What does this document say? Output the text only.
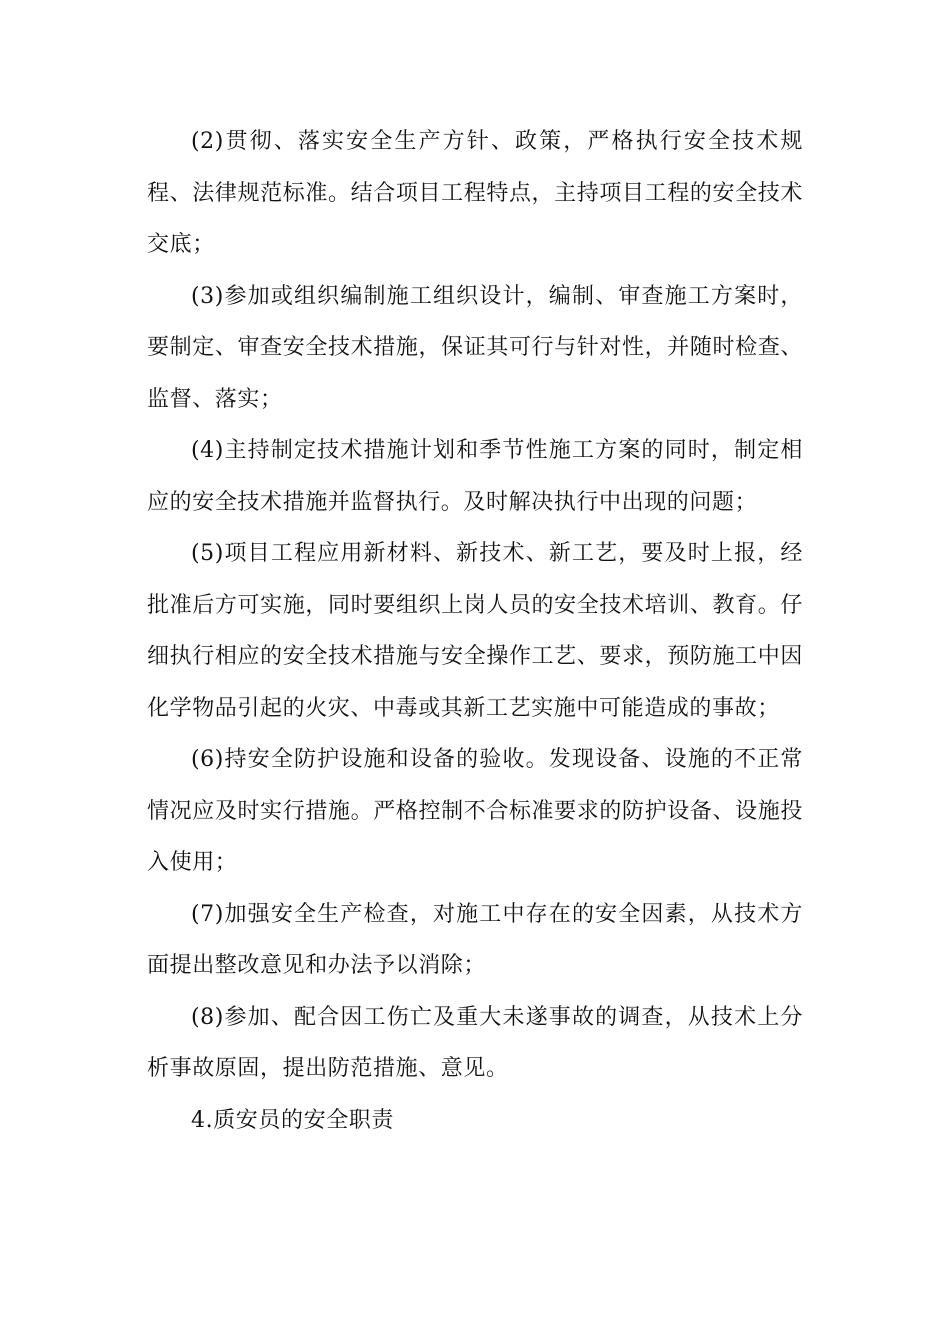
(2)贯彻、落实安全生产方针、政策，严格执行安全技术规程、法律规范标准。结合项目工程特点，主持项目工程的安全技术交底；

(3)参加或组织编制施工组织设计，编制、审查施工方案时，要制定、审查安全技术措施，保证其可行与针对性，并随时检查、监督、落实；

(4)主持制定技术措施计划和季节性施工方案的同时，制定相应的安全技术措施并监督执行。及时解决执行中出现的问题；

(5)项目工程应用新材料、新技术、新工艺，要及时上报，经批准后方可实施，同时要组织上岗人员的安全技术培训、教育。仔细执行相应的安全技术措施与安全操作工艺、要求，预防施工中因化学物品引起的火灾、中毒或其新工艺实施中可能造成的事故；

(6)持安全防护设施和设备的验收。发现设备、设施的不正常情况应及时实行措施。严格控制不合标准要求的防护设备、设施投入使用；

(7)加强安全生产检查，对施工中存在的安全因素，从技术方面提出整改意见和办法予以消除；

(8)参加、配合因工伤亡及重大未遂事故的调查，从技术上分析事故原固，提出防范措施、意见。

4.质安员的安全职责
